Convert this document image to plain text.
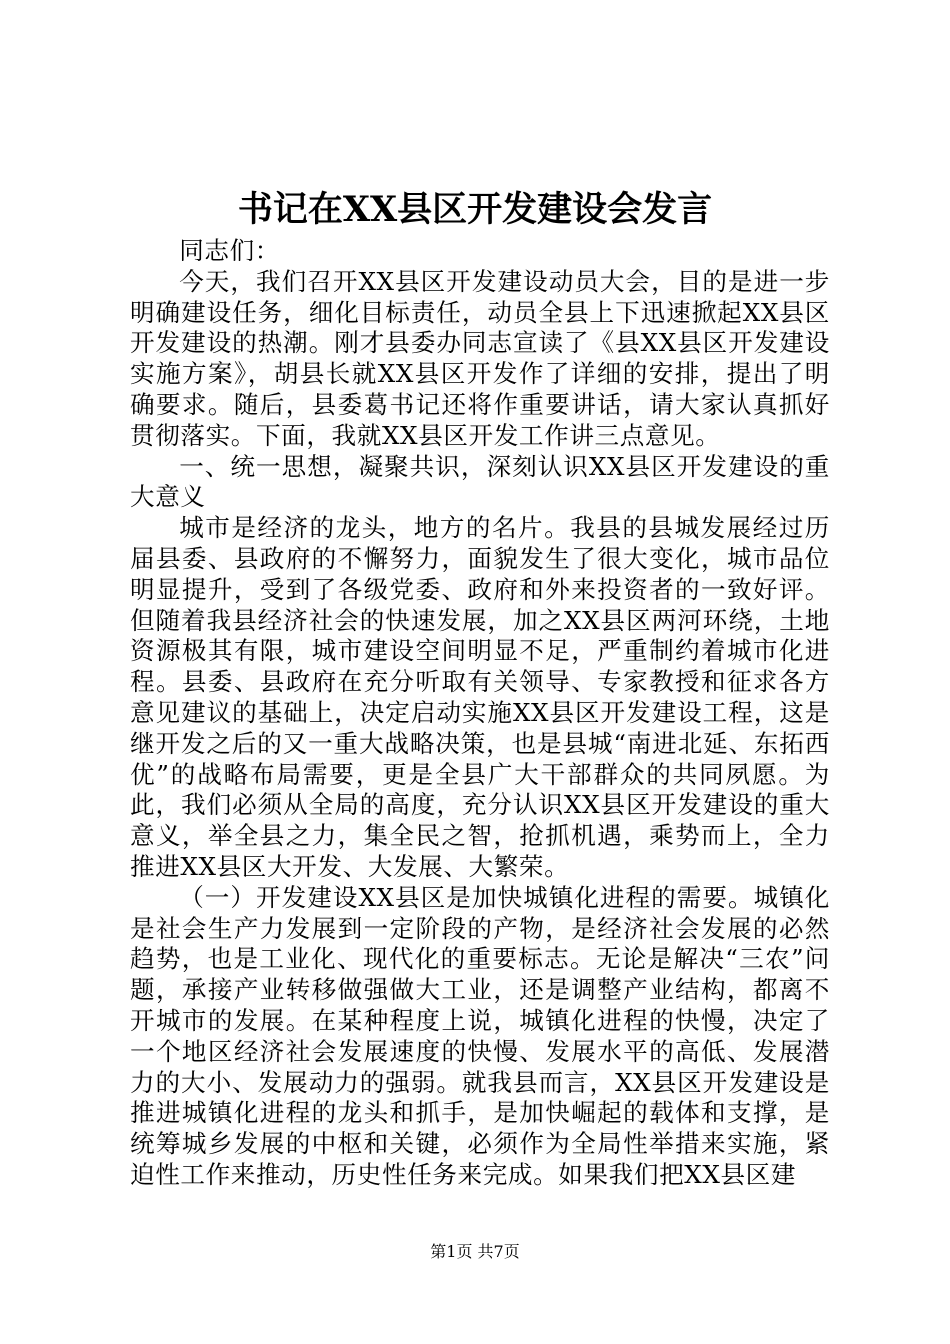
书记在XX县区开发建设会发言

同志们：

今天，我们召开XX县区开发建设动员大会，目的是进一步明确建设任务，细化目标责任，动员全县上下迅速掀起XX县区开发建设的热潮。刚才县委办同志宣读了《县XX县区开发建设实施方案》，胡县长就XX县区开发作了详细的安排，提出了明确要求。随后，县委葛书记还将作重要讲话，请大家认真抓好贯彻落实。下面，我就XX县区开发工作讲三点意见。

一、统一思想，凝聚共识，深刻认识XX县区开发建设的重大意义

城市是经济的龙头，地方的名片。我县的县城发展经过历届县委、县政府的不懈努力，面貌发生了很大变化，城市品位明显提升，受到了各级党委、政府和外来投资者的一致好评。但随着我县经济社会的快速发展，加之XX县区两河环绕，土地资源极其有限，城市建设空间明显不足，严重制约着城市化进程。县委、县政府在充分听取有关领导、专家教授和征求各方意见建议的基础上，决定启动实施XX县区开发建设工程，这是继开发之后的又一重大战略决策，也是县城“南进北延、东拓西优”的战略布局需要，更是全县广大干部群众的共同夙愿。为此，我们必须从全局的高度，充分认识XX县区开发建设的重大意义，举全县之力，集全民之智，抢抓机遇，乘势而上，全力推进XX县区大开发、大发展、大繁荣。

（一）开发建设XX县区是加快城镇化进程的需要。城镇化是社会生产力发展到一定阶段的产物，是经济社会发展的必然趋势，也是工业化、现代化的重要标志。无论是解决“三农”问题，承接产业转移做强做大工业，还是调整产业结构，都离不开城市的发展。在某种程度上说，城镇化进程的快慢，决定了一个地区经济社会发展速度的快慢、发展水平的高低、发展潜力的大小、发展动力的强弱。就我县而言，XX县区开发建设是推进城镇化进程的龙头和抓手，是加快崛起的载体和支撑，是统筹城乡发展的中枢和关键，必须作为全局性举措来实施，紧迫性工作来推动，历史性任务来完成。如果我们把XX县区建

第1页 共7页
